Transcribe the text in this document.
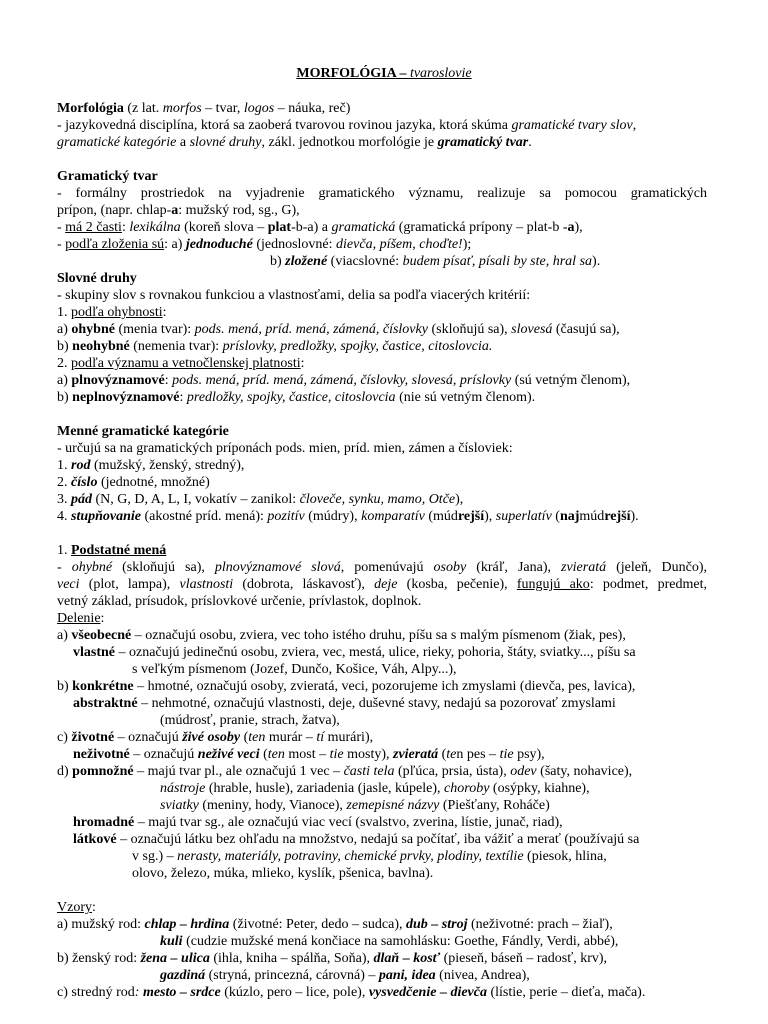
MORFOLÓGIA – tvaroslovie
Morfológia (z lat. morfos – tvar, logos – náuka, reč)
- jazykovedná disciplína, ktorá sa zaoberá tvarovou rovinou jazyka, ktorá skúma gramatické tvary slov,
gramatické kategórie a slovné druhy, zákl. jednotkou morfológie je gramatický tvar.
Gramatický tvar
- formálny prostriedok na vyjadrenie gramatického významu, realizuje sa pomocou gramatických
prípon, (napr. chlap-a: mužský rod, sg., G),
- má 2 časti: lexikálna (koreň slova – plat-b-a) a gramatická (gramatická prípony – plat-b -a),
- podľa zloženia sú: a) jednoduché (jednoslovné: dievča, píšem, choďte!);
b) zložené (viacslovné: budem písať, písali by ste, hral sa).
Slovné druhy
- skupiny slov s rovnakou funkciou a vlastnosťami, delia sa podľa viacerých kritérií:
1. podľa ohybnosti:
a) ohybné (menia tvar): pods. mená, príd. mená, zámená, číslovky (skloňujú sa), slovesá (časujú sa),
b) neohybné (nemenia tvar): príslovky, predložky, spojky, častice, citoslovcia.
2. podľa významu a vetnočlenskej platnosti:
a) plnovýznamové: pods. mená, príd. mená, zámená, číslovky, slovesá, príslovky (sú vetným členom),
b) neplnovýznamové: predložky, spojky, častice, citoslovcia (nie sú vetným členom).
Menné gramatické kategórie
- určujú sa na gramatických príponách pods. mien, príd. mien, zámen a čísloviek:
1. rod (mužský, ženský, stredný),
2. číslo (jednotné, množné)
3. pád (N, G, D, A, L, I, vokatív – zanikol: človeče, synku, mamo, Otče),
4. stupňovanie (akostné príd. mená): pozitív (múdry), komparatív (múdrejší), superlatív (najmúdrejší).
1. Podstatné mená
- ohybné (skloňujú sa), plnovýznamové slová, pomenúvajú osoby (kráľ, Jana), zvieratá (jeleň, Dunčo),
veci (plot, lampa), vlastnosti (dobrota, láskavosť), deje (kosba, pečenie), fungujú ako: podmet, predmet,
vetný základ, prísudok, príslovkové určenie, prívlastok, doplnok.
Delenie:
a) všeobecné – označujú osobu, zviera, vec toho istého druhu, píšu sa s malým písmenom (žiak, pes),
vlastné – označujú jedinečnú osobu, zviera, vec, mestá, ulice, rieky, pohoria, štáty, sviatky..., píšu sa
s veľkým písmenom (Jozef, Dunčo, Košice, Váh, Alpy...),
b) konkrétne – hmotné, označujú osoby, zvieratá, veci, pozorujeme ich zmyslami (dievča, pes, lavica),
abstraktné – nehmotné, označujú vlastnosti, deje, duševné stavy, nedajú sa pozorovať zmyslami
(múdrosť, pranie, strach, žatva),
c) životné – označujú živé osoby (ten murár – tí murári),
neživotné – označujú neživé veci (ten most – tie mosty), zvieratá (ten pes – tie psy),
d) pomnožné – majú tvar pl., ale označujú 1 vec – časti tela (pľúca, prsia, ústa), odev (šaty, nohavice),
nástroje (hrable, husle), zariadenia (jasle, kúpele), choroby (osýpky, kiahne),
sviatky (meniny, hody, Vianoce), zemepisné názvy (Piešťany, Roháče)
hromadné – majú tvar sg., ale označujú viac vecí (svalstvo, zverina, lístie, junač, riad),
látkové – označujú látku bez ohľadu na množstvo, nedajú sa počítať, iba vážiť a merať (používajú sa
v sg.) – nerasty, materiály, potraviny, chemické prvky, plodiny, textílie (piesok, hlina,
olovo, železo, múka, mlieko, kyslík, pšenica, bavlna).
Vzory:
a) mužský rod: chlap – hrdina (životné: Peter, dedo – sudca), dub – stroj (neživotné: prach – žiaľ),
kuli (cudzie mužské mená končiace na samohlásku: Goethe, Fándly, Verdi, abbé),
b) ženský rod: žena – ulica (ihla, kniha – spálňa, Soňa), dlaň – kosť (pieseň, báseň – radosť, krv),
gazdiná (stryná, princezná, cárovná) – pani, idea (nivea, Andrea),
c) stredný rod: mesto – srdce (kúzlo, pero – lice, pole), vysvedčenie – dievča (lístie, perie – dieťa, mača).
